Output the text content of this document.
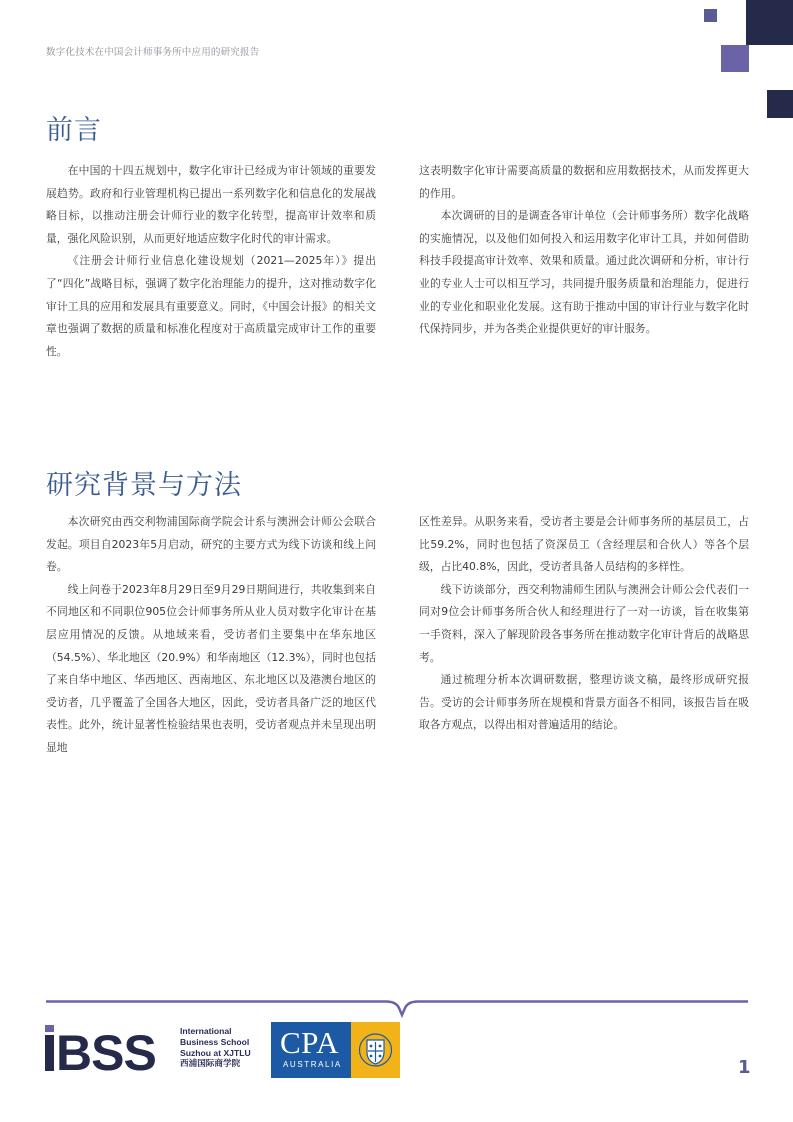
数字化技术在中国会计师事务所中应用的研究报告
前言

在中国的十四五规划中，数字化审计已经成为审计领域的重要发展趋势。政府和行业管理机构已提出一系列数字化和信息化的发展战略目标，以推动注册会计师行业的数字化转型，提高审计效率和质量，强化风险识别，从而更好地适应数字化时代的审计需求。

《注册会计师行业信息化建设规划（2021—2025年）》提出了“四化”战略目标，强调了数字化治理能力的提升，这对推动数字化审计工具的应用和发展具有重要意义。同时，《中国会计报》的相关文章也强调了数据的质量和标准化程度对于高质量完成审计工作的重要性。

这表明数字化审计需要高质量的数据和应用数据技术，从而发挥更大的作用。

本次调研的目的是调查各审计单位（会计师事务所）数字化战略的实施情况，以及他们如何投入和运用数字化审计工具，并如何借助科技手段提高审计效率、效果和质量。通过此次调研和分析，审计行业的专业人士可以相互学习，共同提升服务质量和治理能力，促进行业的专业化和职业化发展。这有助于推动中国的审计行业与数字化时代保持同步，并为各类企业提供更好的审计服务。

研究背景与方法

本次研究由西交利物浦国际商学院会计系与澳洲会计师公会联合发起。项目自2023年5月启动，研究的主要方式为线下访谈和线上问卷。

线上问卷于2023年8月29日至9月29日期间进行，共收集到来自不同地区和不同职位905位会计师事务所从业人员对数字化审计在基层应用情况的反馈。从地域来看，受访者们主要集中在华东地区（54.5%）、华北地区（20.9%）和华南地区（12.3%），同时也包括了来自华中地区、华西地区、西南地区、东北地区以及港澳台地区的受访者，几乎覆盖了全国各大地区，因此，受访者具备广泛的地区代表性。此外，统计显著性检验结果也表明，受访者观点并未呈现出明显地

区性差异。从职务来看，受访者主要是会计师事务所的基层员工，占比59.2%，同时也包括了资深员工（含经理层和合伙人）等各个层级，占比40.8%，因此，受访者具备人员结构的多样性。

线下访谈部分，西交利物浦师生团队与澳洲会计师公会代表们一同对9位会计师事务所合伙人和经理进行了一对一访谈，旨在收集第一手资料，深入了解现阶段各事务所在推动数字化审计背后的战略思考。

通过梳理分析本次调研数据，整理访谈文稿，最终形成研究报告。受访的会计师事务所在规模和背景方面各不相同，该报告旨在吸取各方观点，以得出相对普遍适用的结论。

BSS	International
Business School
Suzhou at XJTLU
西浦国际商学院
CPA
AUSTRALIA	1
